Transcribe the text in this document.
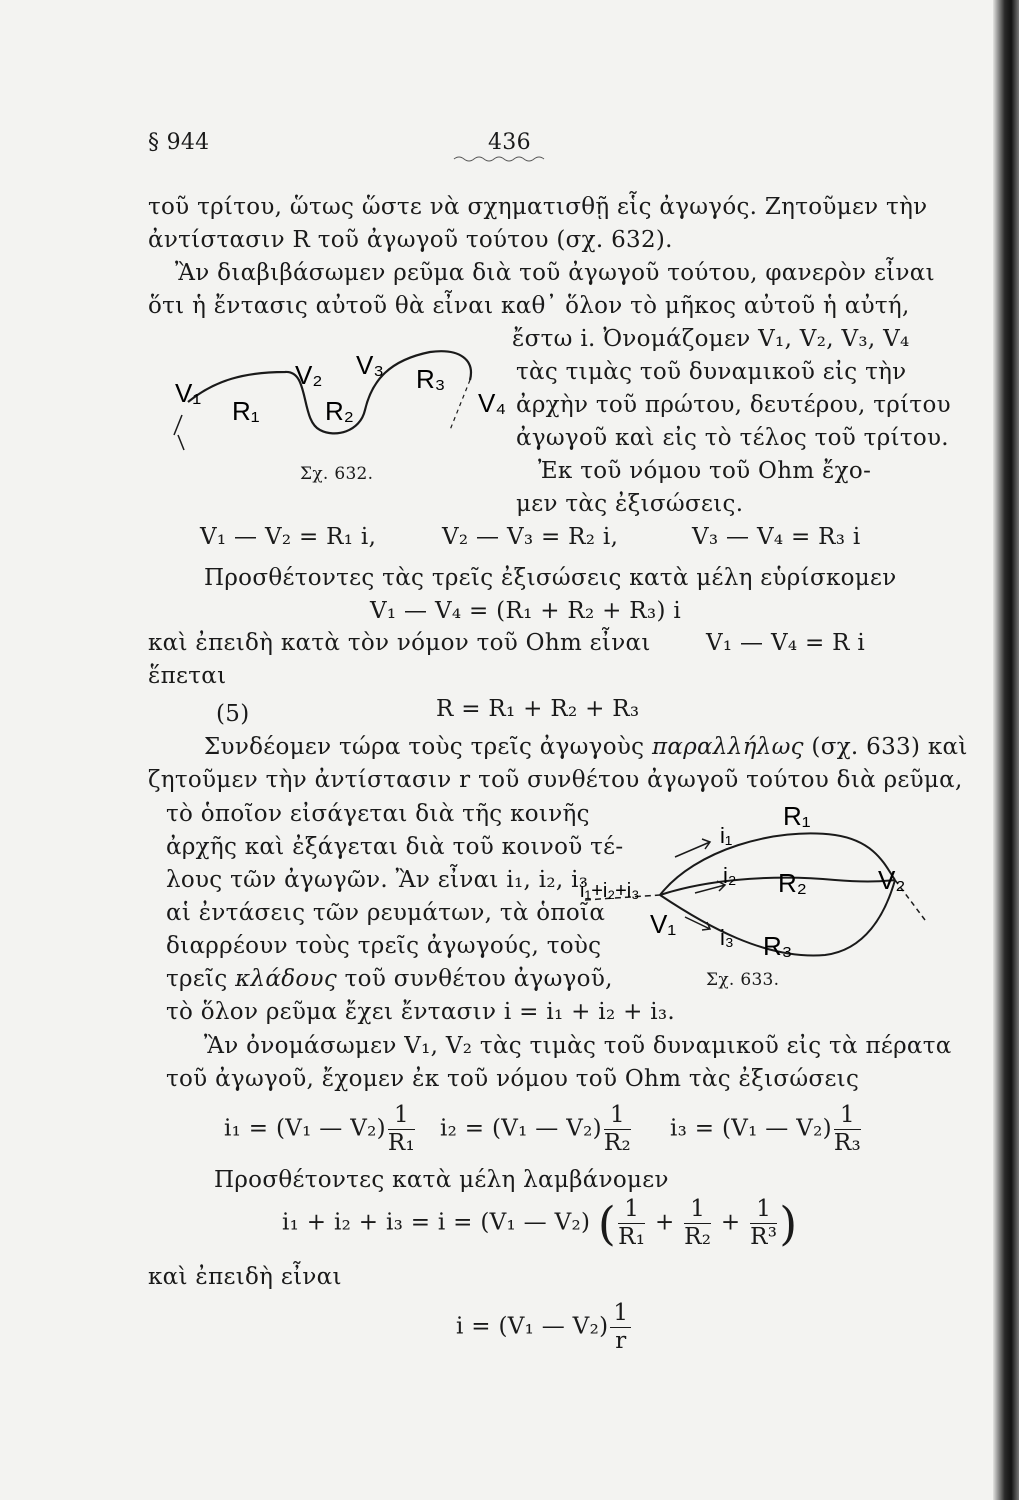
§ 944	436
τοῦ τρίτου, ὥτως ὥστε νὰ σχηματισθῇ εἷς ἀγωγός. Ζητοῦμεν τὴν
ἀντίστασιν R τοῦ ἀγωγοῦ τούτου (σχ. 632).
Ἂν διαβιβάσωμεν ρεῦμα διὰ τοῦ ἀγωγοῦ τούτου, φανερὸν εἶναι
ὅτι ἡ ἔντασις αὐτοῦ θὰ εἶναι καθ᾽ ὅλον τὸ μῆκος αὐτοῦ ἡ αὐτή,
ἔστω i. Ὀνομάζομεν V₁, V₂, V₃, V₄
τὰς τιμὰς τοῦ δυναμικοῦ εἰς τὴν
ἀρχὴν τοῦ πρώτου, δευτέρου, τρίτου
ἀγωγοῦ καὶ εἰς τὸ τέλος τοῦ τρίτου.
Ἐκ τοῦ νόμου τοῦ Ohm ἔχο-
μεν τὰς ἐξισώσεις.
V₁
R₁
V₂
R₂
V₃ R₃
V₄
Σχ. 632.
V₁ — V₂ = R₁ i,	V₂ — V₃ = R₂ i,	V₃ — V₄ = R₃ i
Προσθέτοντες τὰς τρεῖς ἐξισώσεις κατὰ μέλη εὑρίσκομεν
V₁ — V₄ = (R₁ + R₂ + R₃) i
καὶ ἐπειδὴ κατὰ τὸν νόμον τοῦ Ohm εἶναι V₁ — V₄ = R i
ἕπεται
(5)	R = R₁ + R₂ + R₃
Συνδέομεν τώρα τοὺς τρεῖς ἀγωγοὺς παραλλήλως (σχ. 633) καὶ
ζητοῦμεν τὴν ἀντίστασιν r τοῦ συνθέτου ἀγωγοῦ τούτου διὰ ρεῦμα,
τὸ ὁποῖον εἰσάγεται διὰ τῆς κοινῆς
ἀρχῆς καὶ ἐξάγεται διὰ τοῦ κοινοῦ τέ-
λους τῶν ἀγωγῶν. Ἂν εἶναι i₁, i₂, i₃
αἱ ἐντάσεις τῶν ρευμάτων, τὰ ὁποῖα
διαρρέουν τοὺς τρεῖς ἀγωγούς, τοὺς
τρεῖς κλάδους τοῦ συνθέτου ἀγωγοῦ,
τὸ ὅλον ρεῦμα ἔχει ἔντασιν i = i₁ + i₂ + i₃.
R₁
i₁
i₂ R₂	V₂
i₁+i₂+i₃
V₁ i₃ R₃
Σχ. 633.
Ἂν ὀνομάσωμεν V₁, V₂ τὰς τιμὰς τοῦ δυναμικοῦ εἰς τὰ πέρατα
τοῦ ἀγωγοῦ, ἔχομεν ἐκ τοῦ νόμου τοῦ Ohm τὰς ἐξισώσεις
i₁ = (V₁ — $V_2) \frac{1}{\text{R₁}} i_2 = (V_1$ — $V_2) \frac{1}{\text{R₂}} i_3 = (V_1$ — $V_2) \frac{1}{\text{R₃}}$
Προσθέτοντες κατὰ μέλη λαμβάνομεν
i₁ + i₂ + i₃ = i = (V₁ — V₂) ( $\frac{1}{\text{R₁}} + \frac{1}{\text{R₂}} + \frac{1}{\text{R³}}$ )
καὶ ἐπειδὴ εἶναι
i = (V₁ — $V_2) \frac{1}{r}$
